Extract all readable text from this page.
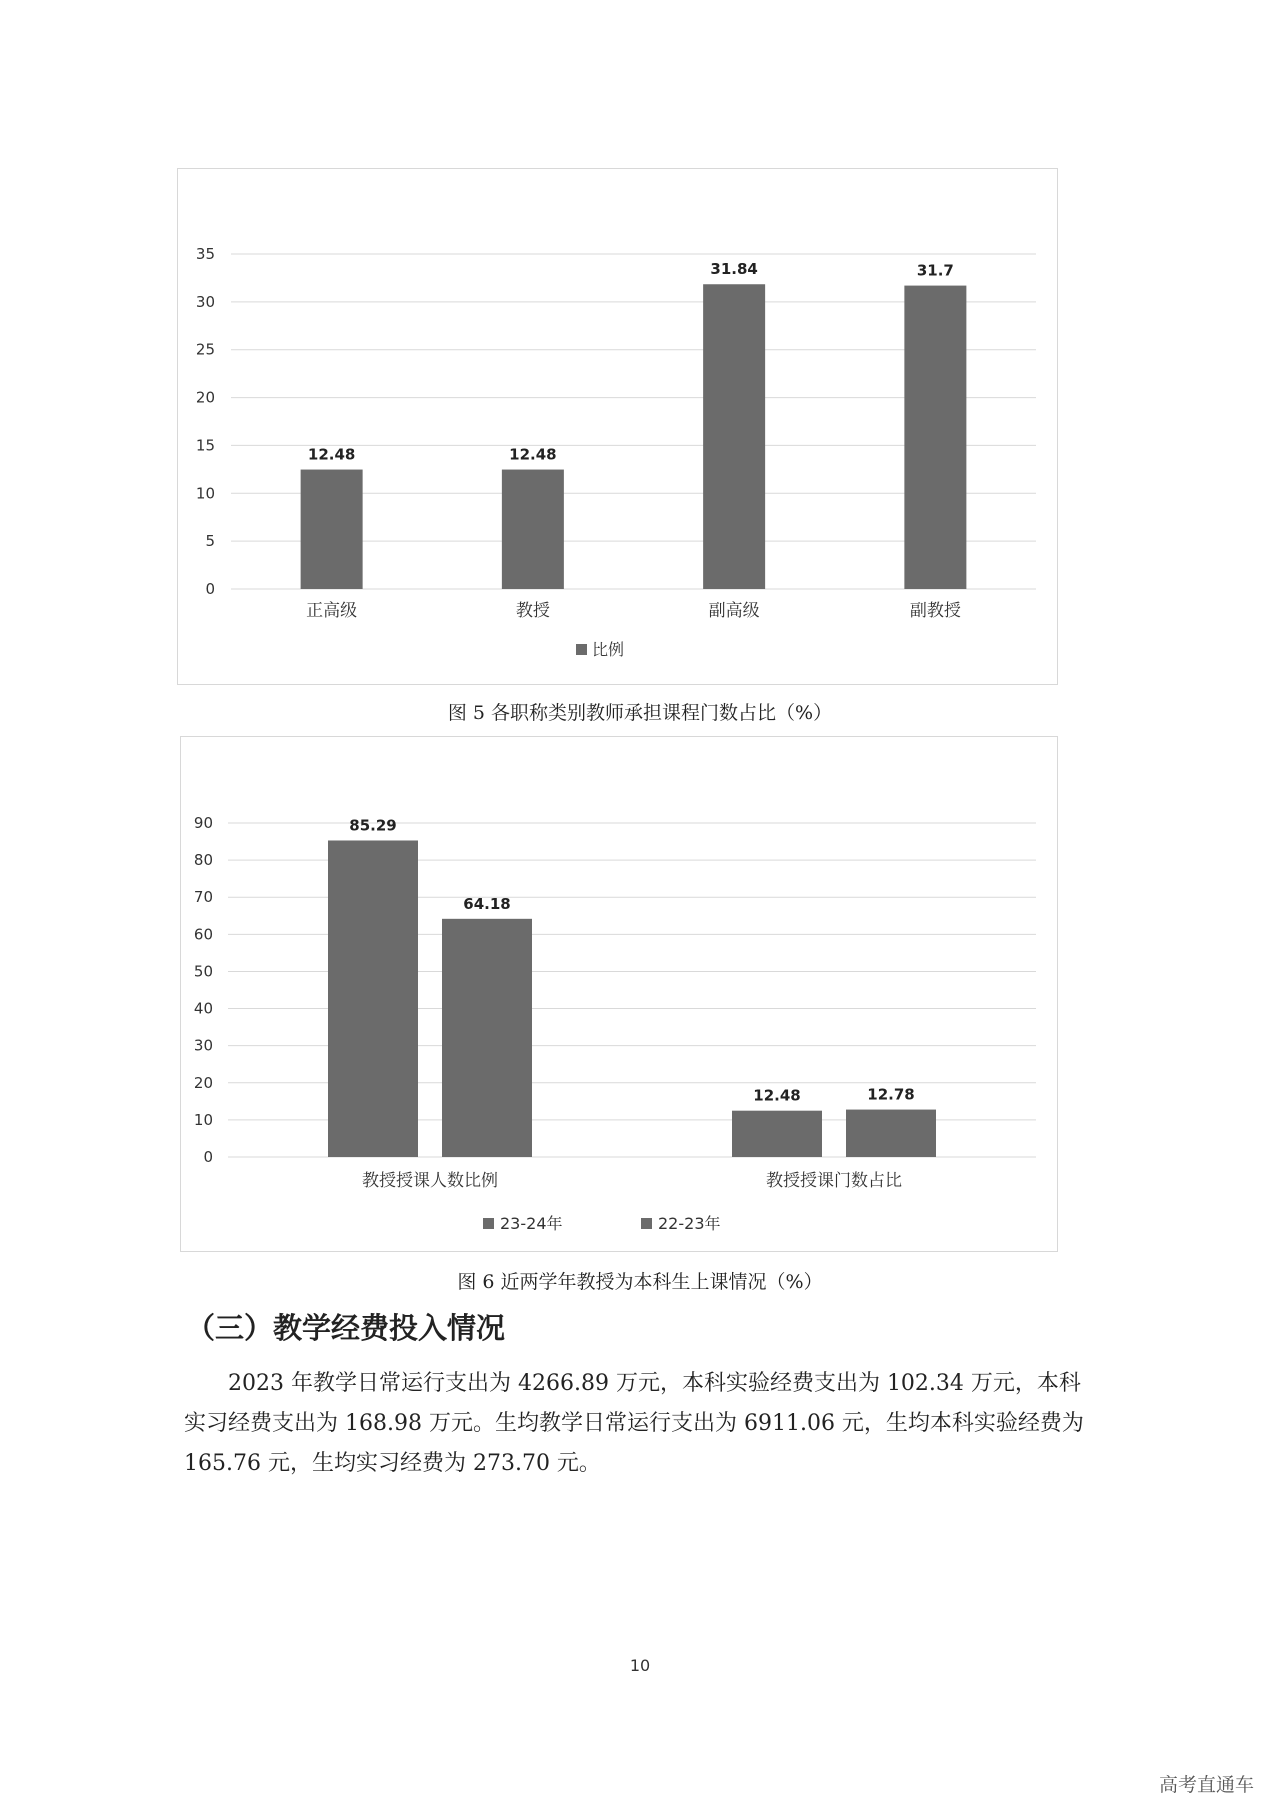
0
5
10
15
20
25
30
35
12.48
正高级
12.48
教授
31.84
副高级
31.7
副教授
比例
图 5 各职称类别教师承担课程门数占比（%）
0
10
20
30
40
50
60
70
80
90	85.29
64.18
教授授课人数比例
12.48	12.78
教授授课门数占比
23-24年	22-23年
图 6 近两学年教授为本科生上课情况（%）
（三）教学经费投入情况
2023 年教学日常运行支出为 4266.89 万元，本科实验经费支出为 102.34 万元，本科实习经费支出为 168.98 万元。生均教学日常运行支出为 6911.06 元，生均本科实验经费为 165.76 元，生均实习经费为 273.70 元。
10
高考直通车
